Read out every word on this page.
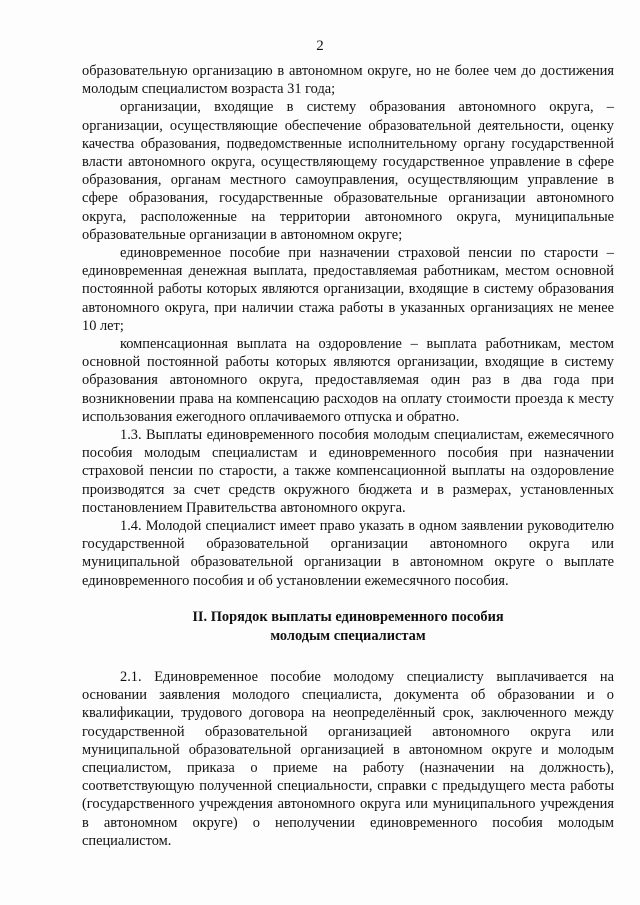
2

образовательную организацию в автономном округе, но не более чем до достижения молодым специалистом возраста 31 года;

организации, входящие в систему образования автономного округа, – организации, осуществляющие обеспечение образовательной деятельности, оценку качества образования, подведомственные исполнительному органу государственной власти автономного округа, осуществляющему государственное управление в сфере образования, органам местного самоуправления, осуществляющим управление в сфере образования, государственные образовательные организации автономного округа, расположенные на территории автономного округа, муниципальные образовательные организации в автономном округе;

единовременное пособие при назначении страховой пенсии по старости – единовременная денежная выплата, предоставляемая работникам, местом основной постоянной работы которых являются организации, входящие в систему образования автономного округа, при наличии стажа работы в указанных организациях не менее 10 лет;

компенсационная выплата на оздоровление – выплата работникам, местом основной постоянной работы которых являются организации, входящие в систему образования автономного округа, предоставляемая один раз в два года при возникновении права на компенсацию расходов на оплату стоимости проезда к месту использования ежегодного оплачиваемого отпуска и обратно.

1.3. Выплаты единовременного пособия молодым специалистам, ежемесячного пособия молодым специалистам и единовременного пособия при назначении страховой пенсии по старости, а также компенсационной выплаты на оздоровление производятся за счет средств окружного бюджета и в размерах, установленных постановлением Правительства автономного округа.

1.4. Молодой специалист имеет право указать в одном заявлении руководителю государственной образовательной организации автономного округа или муниципальной образовательной организации в автономном округе о выплате единовременного пособия и об установлении ежемесячного пособия.

II. Порядок выплаты единовременного пособия
молодым специалистам

2.1. Единовременное пособие молодому специалисту выплачивается на основании заявления молодого специалиста, документа об образовании и о квалификации, трудового договора на неопределённый срок, заключенного между государственной образовательной организацией автономного округа или муниципальной образовательной организацией в автономном округе и молодым специалистом, приказа о приеме на работу (назначении на должность), соответствующую полученной специальности, справки с предыдущего места работы (государственного учреждения автономного округа или муниципального учреждения в автономном округе) о неполучении единовременного пособия молодым специалистом.
